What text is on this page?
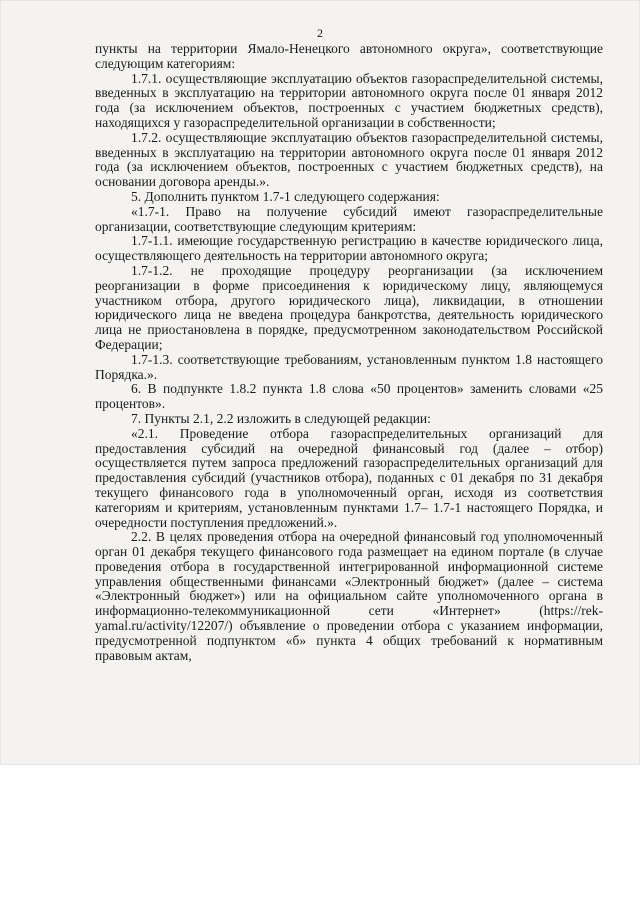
2

пункты на территории Ямало-Ненецкого автономного округа», соответствующие следующим категориям:

1.7.1. осуществляющие эксплуатацию объектов газораспределительной системы, введенных в эксплуатацию на территории автономного округа после 01 января 2012 года (за исключением объектов, построенных с участием бюджетных средств), находящихся у газораспределительной организации в собственности;

1.7.2. осуществляющие эксплуатацию объектов газораспределительной системы, введенных в эксплуатацию на территории автономного округа после 01 января 2012 года (за исключением объектов, построенных с участием бюджетных средств), на основании договора аренды.».

5. Дополнить пунктом 1.7-1 следующего содержания:

«1.7-1. Право на получение субсидий имеют газораспределительные организации, соответствующие следующим критериям:

1.7-1.1. имеющие государственную регистрацию в качестве юридического лица, осуществляющего деятельность на территории автономного округа;

1.7-1.2. не проходящие процедуру реорганизации (за исключением реорганизации в форме присоединения к юридическому лицу, являющемуся участником отбора, другого юридического лица), ликвидации, в отношении юридического лица не введена процедура банкротства, деятельность юридического лица не приостановлена в порядке, предусмотренном законодательством Российской Федерации;

1.7-1.3. соответствующие требованиям, установленным пунктом 1.8 настоящего Порядка.».

6. В подпункте 1.8.2 пункта 1.8 слова «50 процентов» заменить словами «25 процентов».

7. Пункты 2.1, 2.2 изложить в следующей редакции:

«2.1. Проведение отбора газораспределительных организаций для предоставления субсидий на очередной финансовый год (далее – отбор) осуществляется путем запроса предложений газораспределительных организаций для предоставления субсидий (участников отбора), поданных с 01 декабря по 31 декабря текущего финансового года в уполномоченный орган, исходя из соответствия категориям и критериям, установленным пунктами 1.7– 1.7-1 настоящего Порядка, и очередности поступления предложений.».

2.2. В целях проведения отбора на очередной финансовый год уполномоченный орган 01 декабря текущего финансового года размещает на едином портале (в случае проведения отбора в государственной интегрированной информационной системе управления общественными финансами «Электронный бюджет» (далее – система «Электронный бюджет») или на официальном сайте уполномоченного органа в информационно-телекоммуникационной сети «Интернет» (https://rek-yamal.ru/activity/12207/) объявление о проведении отбора с указанием информации, предусмотренной подпунктом «б» пункта 4 общих требований к нормативным правовым актам,
